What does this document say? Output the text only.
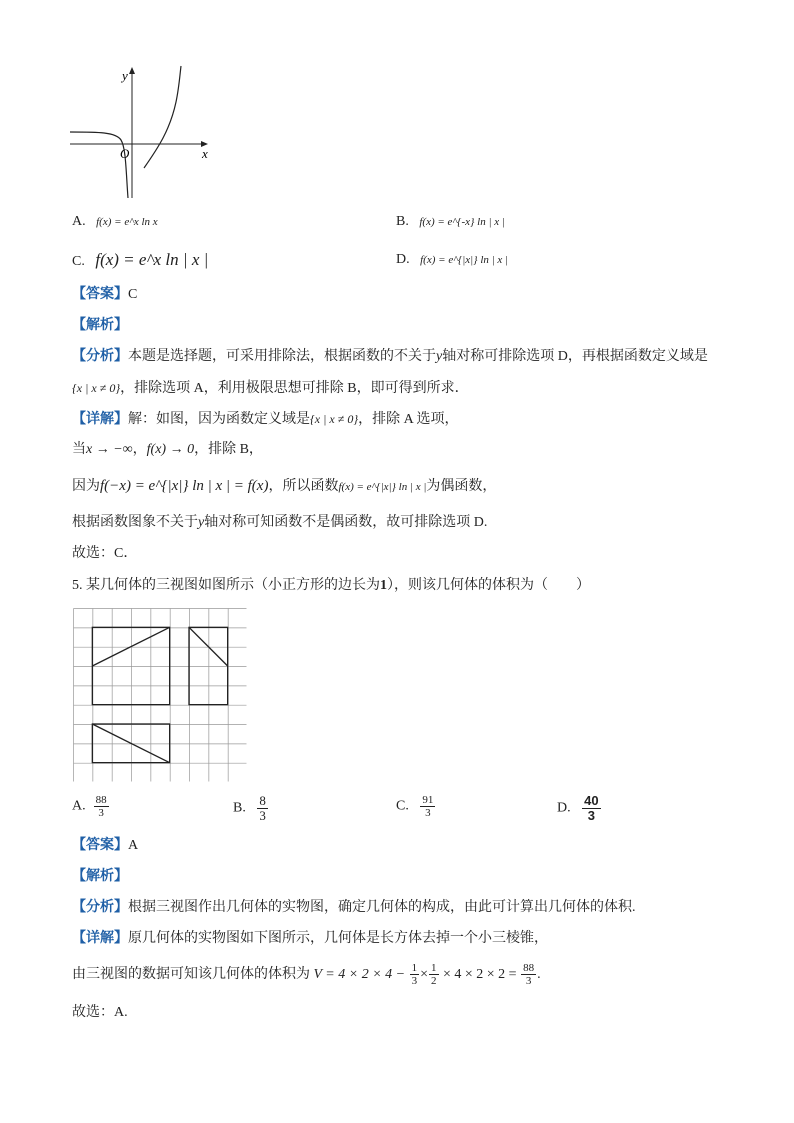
y
x
O
A. f(x) = e^x ln x	B. f(x) = e^{-x} ln | x |
C. f(x) = e^x ln | x |	D. f(x) = e^{|x|} ln | x |
【答案】C
【解析】
【分析】本题是选择题，可采用排除法，根据函数的不关于y轴对称可排除选项 D，再根据函数定义域是
{x | x ≠ 0}，排除选项 A，利用极限思想可排除 B，即可得到所求．
【详解】解：如图，因为函数定义域是{x | x ≠ 0}，排除 A 选项，
当x → −∞，f(x) → 0，排除 B，
因为f(−x) = e^{|x|} ln | x | = f(x)，所以函数f(x) = e^{|x|} ln | x |为偶函数，
根据函数图象不关于y轴对称可知函数不是偶函数，故可排除选项 D.
故选：C．
5. 某几何体的三视图如图所示（小正方形的边长为1），则该几何体的体积为（　　）
A. $\frac{88}{3}$	B. $\frac{8}{3}$	C. $\frac{91}{3}$	D. $\frac{40}{3}$
【答案】A
【解析】
【分析】根据三视图作出几何体的实物图，确定几何体的构成，由此可计算出几何体的体积.
【详解】原几何体的实物图如下图所示，几何体是长方体去掉一个小三棱锥，
由三视图的数据可知该几何体的体积为 $V = 4 \times 2 \times 4 - \frac{1}{3} \times \frac{1}{2} \times 4 \times 2 \times 2 = \frac{88}{3}$ .
故选：A.
